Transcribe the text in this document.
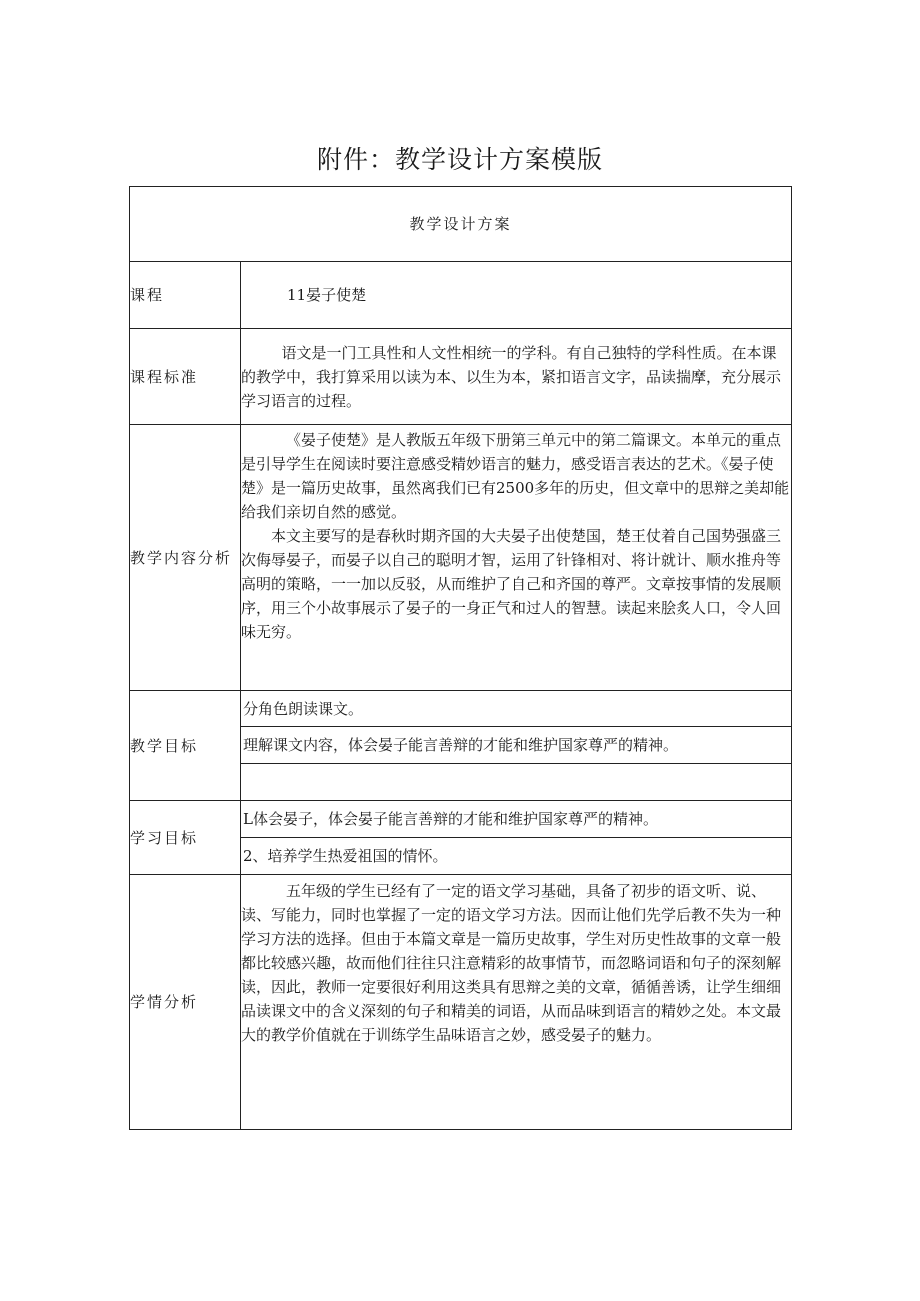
附件：教学设计方案模版
教学设计方案	
课程	11晏子使楚
课程标准	语文是一门工具性和人文性相统一的学科。有自己独特的学科性质。在本课的教学中，我打算采用以读为本、以生为本，紧扣语言文字，品读揣摩，充分展示学习语言的过程。

教学内容分析	《晏子使楚》是人教版五年级下册第三单元中的第二篇课文。本单元的重点是引导学生在阅读时要注意感受精妙语言的魅力，感受语言表达的艺术。《晏子使楚》是一篇历史故事，虽然离我们已有2500多年的历史，但文章中的思辩之美却能给我们亲切自然的感觉。

本文主要写的是春秋时期齐国的大夫晏子出使楚国，楚王仗着自己国势强盛三次侮辱晏子，而晏子以自己的聪明才智，运用了针锋相对、将计就计、顺水推舟等高明的策略，一一加以反驳，从而维护了自己和齐国的尊严。文章按事情的发展顺序，用三个小故事展示了晏子的一身正气和过人的智慧。读起来脍炙人口，令人回味无穷。

教学目标	分角色朗读课文。
	理解课文内容，体会晏子能言善辩的才能和维护国家尊严的精神。

学习目标	L体会晏子，体会晏子能言善辩的才能和维护国家尊严的精神。
	2、培养学生热爱祖国的情怀。
学情分析	五年级的学生已经有了一定的语文学习基础，具备了初步的语文听、说、读、写能力，同时也掌握了一定的语文学习方法。因而让他们先学后教不失为一种学习方法的选择。但由于本篇文章是一篇历史故事，学生对历史性故事的文章一般都比较感兴趣，故而他们往往只注意精彩的故事情节，而忽略词语和句子的深刻解读，因此，教师一定要很好利用这类具有思辩之美的文章，循循善诱，让学生细细品读课文中的含义深刻的句子和精美的词语，从而品味到语言的精妙之处。本文最大的教学价值就在于训练学生品味语言之妙，感受晏子的魅力。
